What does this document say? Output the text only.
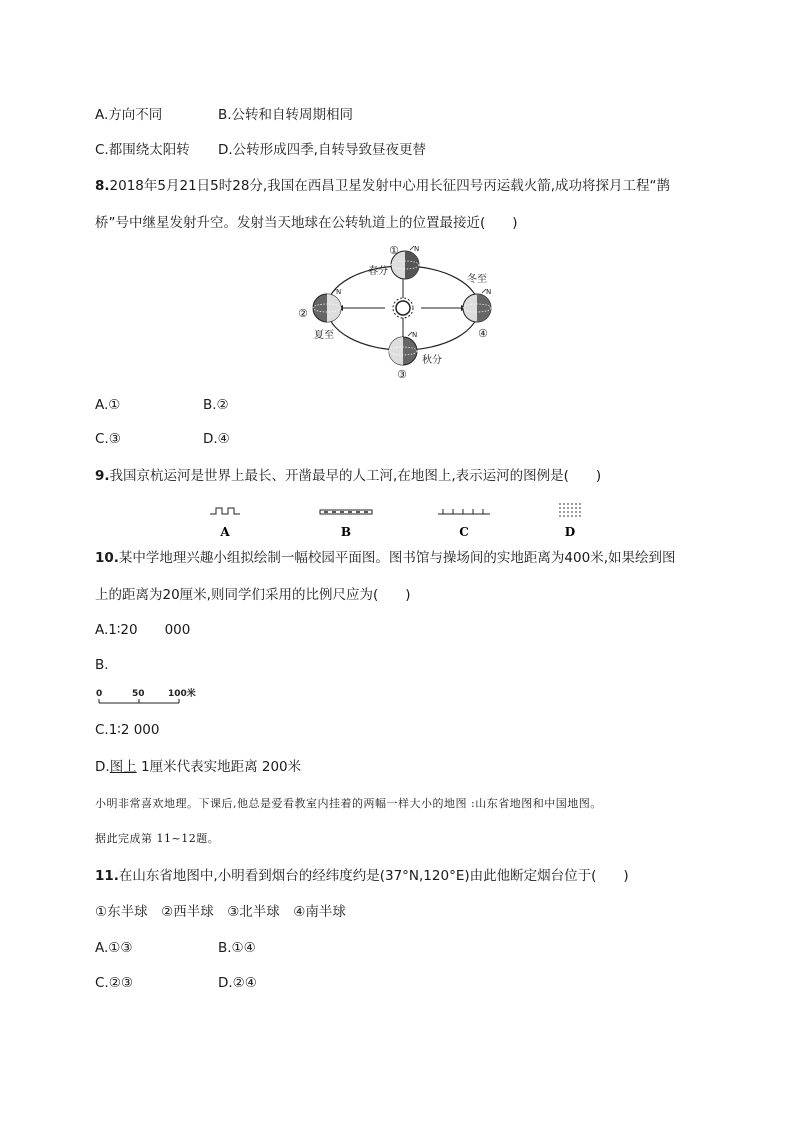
A.方向不同	B.公转和自转周期相同
C.都围绕太阳转 D.公转形成四季,自转导致昼夜更替
8.2018年5月21日5时28分,我国在西昌卫星发射中心用长征四号丙运载火箭,成功将探月工程“鹊
桥”号中继星发射升空。发射当天地球在公转轨道上的位置最接近(　　)
春分
夏至
秋分
冬至
①
②
③
④
N
N	N
N
A.①	B.②
C.③	D.④
9.我国京杭运河是世界上最长、开凿最早的人工河,在地图上,表示运河的图例是(　　)
A	B	C	D
10.某中学地理兴趣小组拟绘制一幅校园平面图。图书馆与操场间的实地距离为400米,如果绘到图
上的距离为20厘米,则同学们采用的比例尺应为(　　)
A.1∶20　　000
B.
0	50	100米
C.1∶2 000
D.图上 1厘米代表实地距离 200米
小明非常喜欢地理。下课后,他总是爱看教室内挂着的两幅一样大小的地图 :山东省地图和中国地图。
据此完成第 11~12题。
11.在山东省地图中,小明看到烟台的经纬度约是(37°N,120°E)由此他断定烟台位于(　　)
①东半球　②西半球　③北半球　④南半球
A.①③	B.①④
C.②③	D.②④
